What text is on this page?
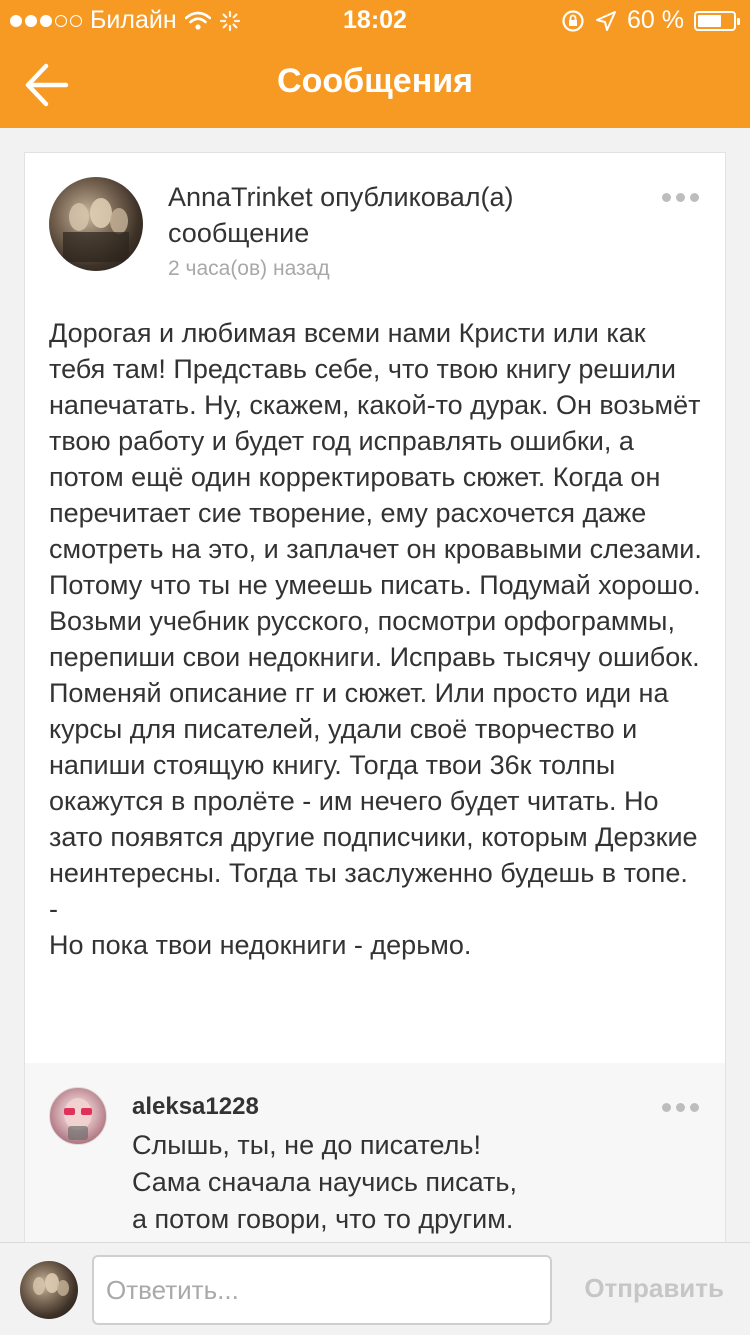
Билайн	18:02	60 %
Сообщения
AnnaTrinket опубликовал(а) сообщение
2 часа(ов) назад
Дорогая и любимая всеми нами Кристи или как тебя там! Представь себе, что твою книгу решили напечатать. Ну, скажем, какой-то дурак. Он возьмёт твою работу и будет год исправлять ошибки, а потом ещё один корректировать сюжет. Когда он перечитает сие творение, ему расхочется даже смотреть на это, и заплачет он кровавыми слезами. Потому что ты не умеешь писать. Подумай хорошо. Возьми учебник русского, посмотри орфограммы, перепиши свои недокниги. Исправь тысячу ошибок. Поменяй описание гг и сюжет. Или просто иди на курсы для писателей, удали своё творчество и напиши стоящую книгу. Тогда твои 36к толпы окажутся в пролёте - им нечего будет читать. Но зато появятся другие подписчики, которым Дерзкие неинтересны. Тогда ты заслуженно будешь в топе.
-
Но пока твои недокниги - дерьмо.
aleksa1228
Слышь, ты, не до писатель!
Сама сначала научись писать,
а потом говори, что то другим.
Ответить...
Отправить
